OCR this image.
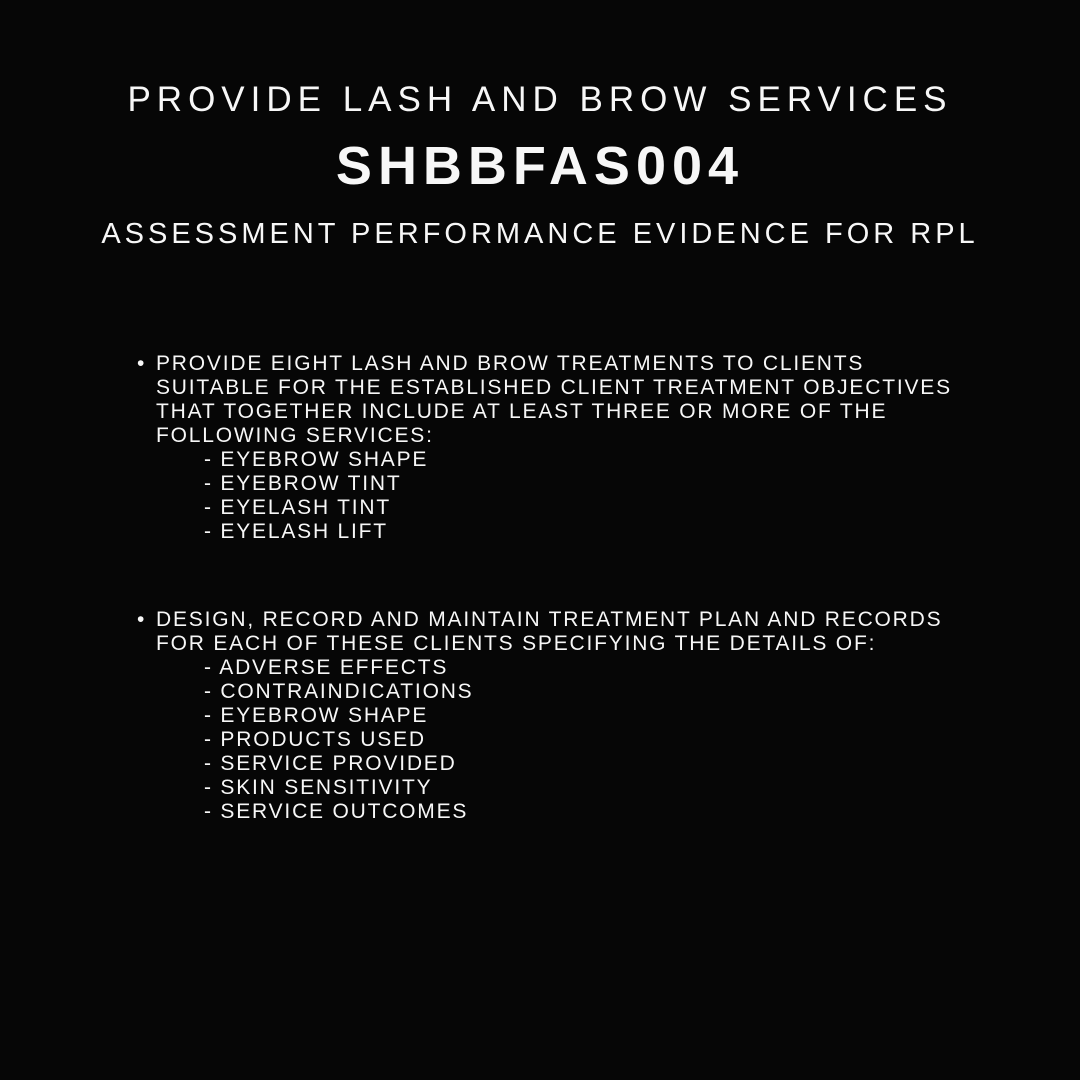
PROVIDE LASH AND BROW SERVICES
SHBBFAS004
ASSESSMENT PERFORMANCE EVIDENCE FOR RPL
• PROVIDE EIGHT LASH AND BROW TREATMENTS TO CLIENTS SUITABLE FOR THE ESTABLISHED CLIENT TREATMENT OBJECTIVES THAT TOGETHER INCLUDE AT LEAST THREE OR MORE OF THE FOLLOWING SERVICES:

- EYEBROW SHAPE
- EYEBROW TINT
- EYELASH TINT
- EYELASH LIFT
• DESIGN, RECORD AND MAINTAIN TREATMENT PLAN AND RECORDS FOR EACH OF THESE CLIENTS SPECIFYING THE DETAILS OF:

- ADVERSE EFFECTS
- CONTRAINDICATIONS
- EYEBROW SHAPE
- PRODUCTS USED
- SERVICE PROVIDED
- SKIN SENSITIVITY
- SERVICE OUTCOMES
